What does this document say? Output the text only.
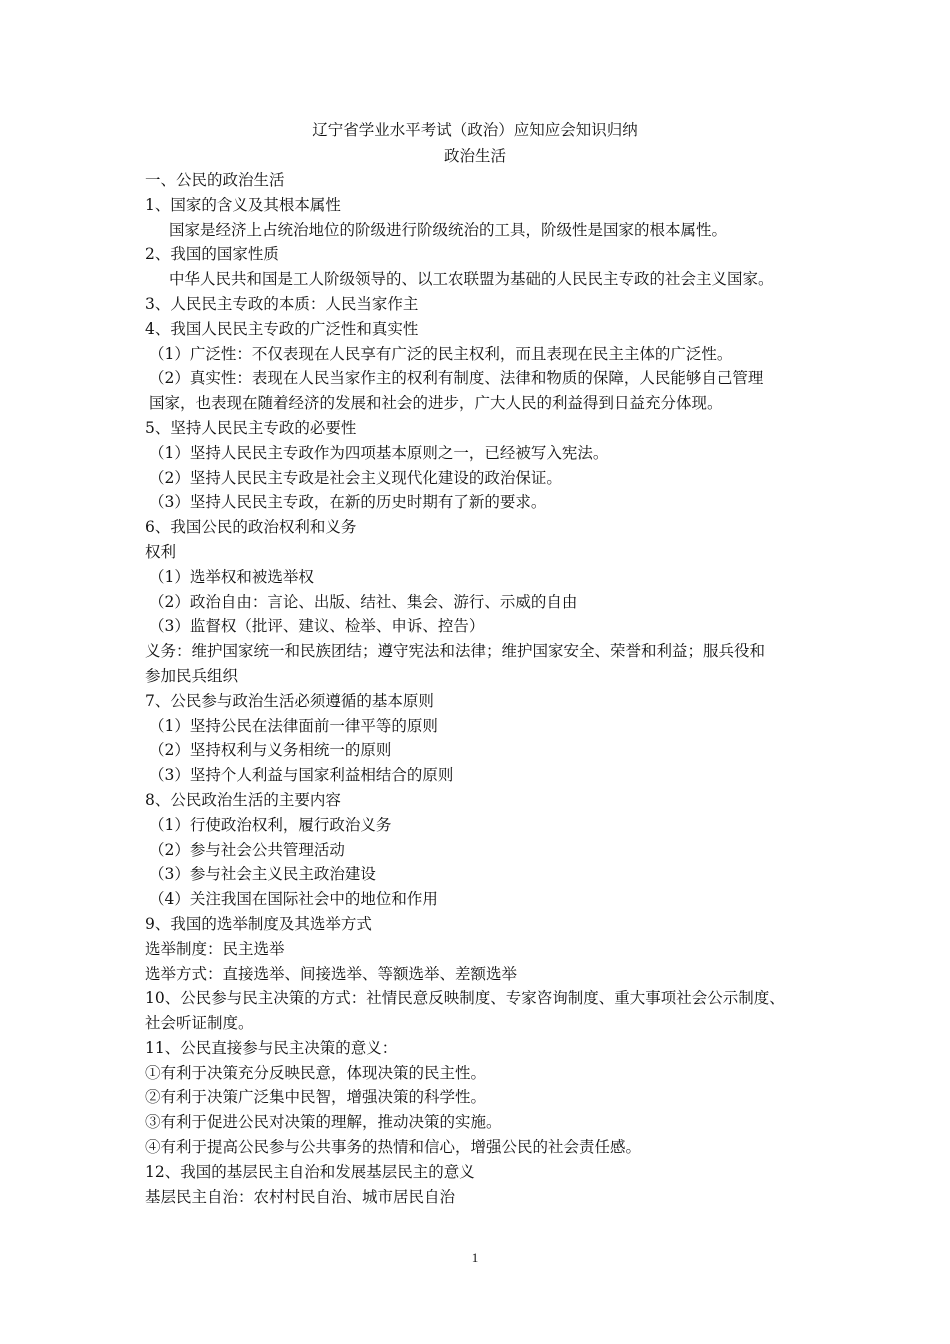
辽宁省学业水平考试（政治）应知应会知识归纳
政治生活
一、公民的政治生活
1、国家的含义及其根本属性
国家是经济上占统治地位的阶级进行阶级统治的工具，阶级性是国家的根本属性。
2、我国的国家性质
中华人民共和国是工人阶级领导的、以工农联盟为基础的人民民主专政的社会主义国家。
3、人民民主专政的本质：人民当家作主
4、我国人民民主专政的广泛性和真实性
（1）广泛性：不仅表现在人民享有广泛的民主权利，而且表现在民主主体的广泛性。
（2）真实性：表现在人民当家作主的权利有制度、法律和物质的保障，人民能够自己管理
国家，也表现在随着经济的发展和社会的进步，广大人民的利益得到日益充分体现。
5、坚持人民民主专政的必要性
（1）坚持人民民主专政作为四项基本原则之一，已经被写入宪法。
（2）坚持人民民主专政是社会主义现代化建设的政治保证。
（3）坚持人民民主专政，在新的历史时期有了新的要求。
6、我国公民的政治权利和义务
权利
（1）选举权和被选举权
（2）政治自由：言论、出版、结社、集会、游行、示威的自由
（3）监督权（批评、建议、检举、申诉、控告）
义务：维护国家统一和民族团结；遵守宪法和法律；维护国家安全、荣誉和利益；服兵役和
参加民兵组织
7、公民参与政治生活必须遵循的基本原则
（1）坚持公民在法律面前一律平等的原则
（2）坚持权利与义务相统一的原则
（3）坚持个人利益与国家利益相结合的原则
8、公民政治生活的主要内容
（1）行使政治权利，履行政治义务
（2）参与社会公共管理活动
（3）参与社会主义民主政治建设
（4）关注我国在国际社会中的地位和作用
9、我国的选举制度及其选举方式
选举制度：民主选举
选举方式：直接选举、间接选举、等额选举、差额选举
10、公民参与民主决策的方式：社情民意反映制度、专家咨询制度、重大事项社会公示制度、
社会听证制度。
11、公民直接参与民主决策的意义：
①有利于决策充分反映民意，体现决策的民主性。
②有利于决策广泛集中民智，增强决策的科学性。
③有利于促进公民对决策的理解，推动决策的实施。
④有利于提高公民参与公共事务的热情和信心，增强公民的社会责任感。
12、我国的基层民主自治和发展基层民主的意义
基层民主自治：农村村民自治、城市居民自治
1
